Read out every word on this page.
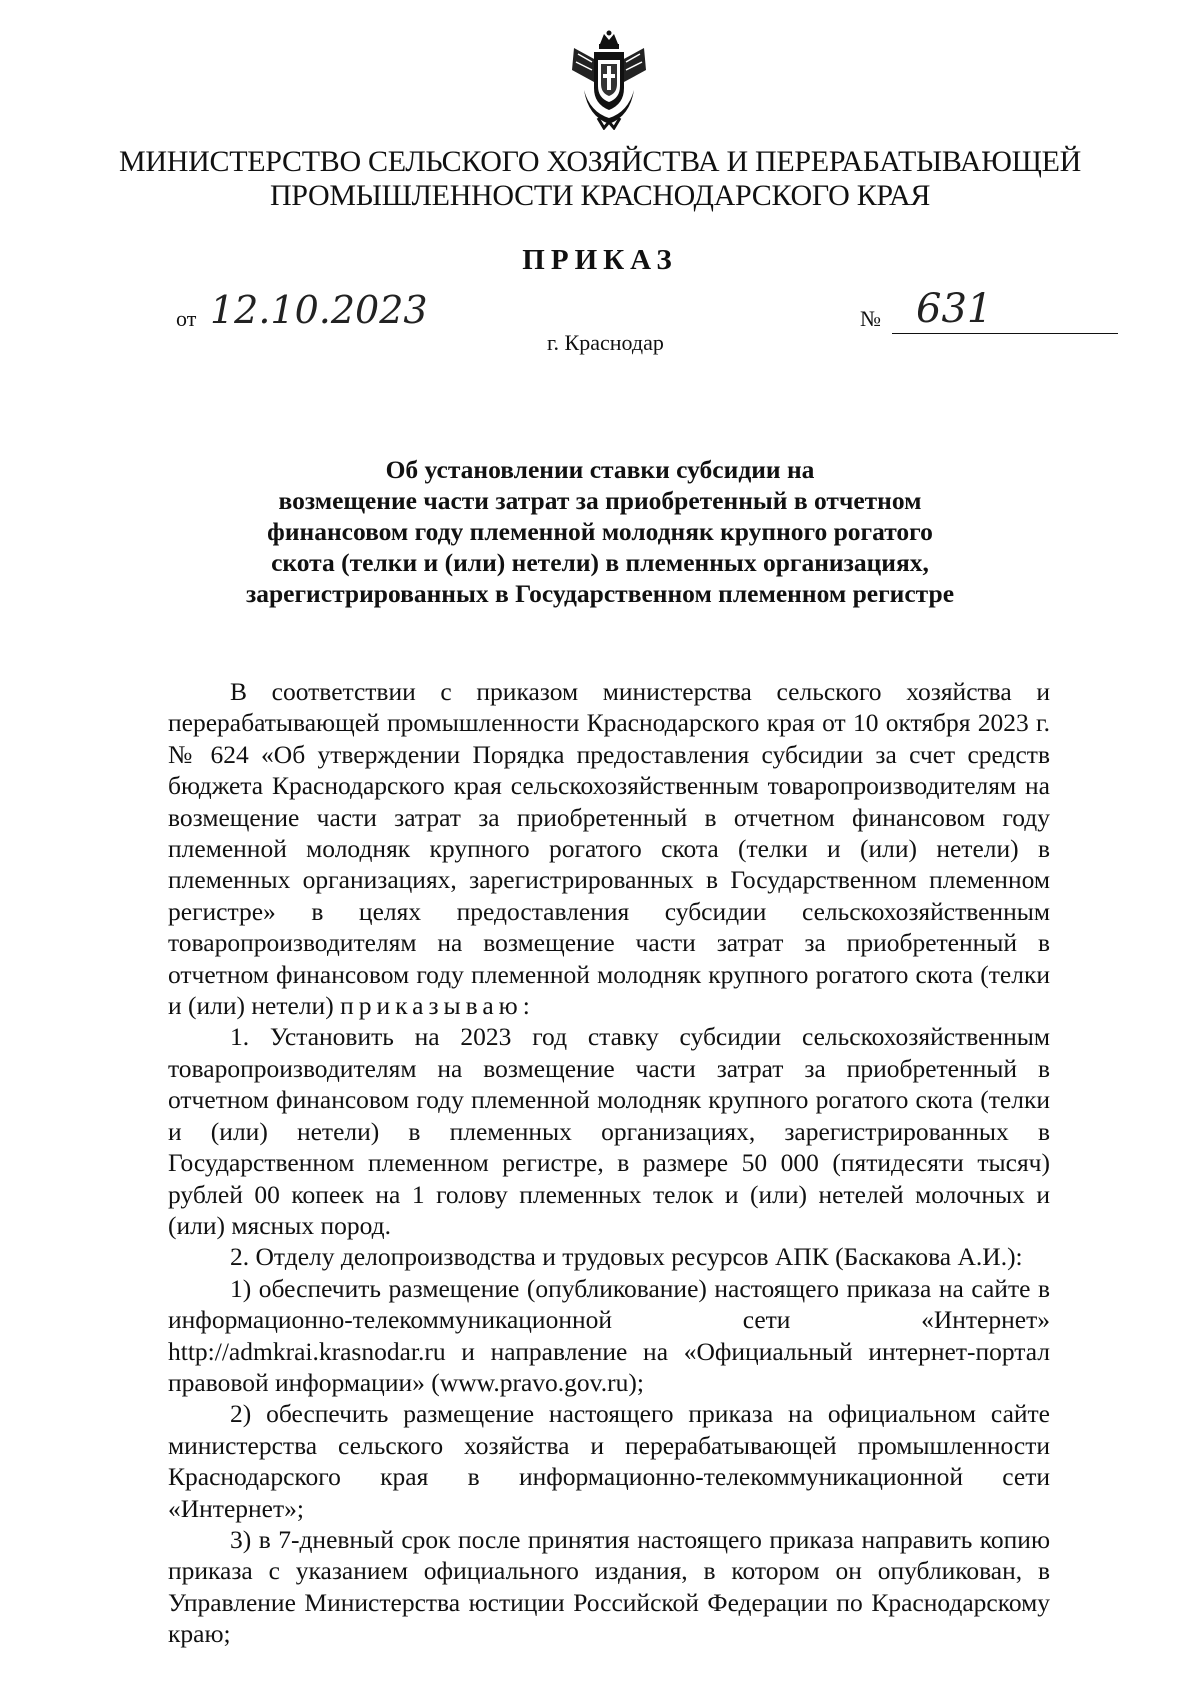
МИНИСТЕРСТВО СЕЛЬСКОГО ХОЗЯЙСТВА И ПЕРЕРАБАТЫВАЮЩЕЙ
ПРОМЫШЛЕННОСТИ КРАСНОДАРСКОГО КРАЯ
ПРИКАЗ
от 12.10.2023	№ 631
г. Краснодар
Об установлении ставки субсидии на
возмещение части затрат за приобретенный в отчетном
финансовом году племенной молодняк крупного рогатого
скота (телки и (или) нетели) в племенных организациях,
зарегистрированных в Государственном племенном регистре

В соответствии с приказом министерства сельского хозяйства и перерабатывающей промышленности Краснодарского края от 10 октября 2023 г. № 624 «Об утверждении Порядка предоставления субсидии за счет средств бюджета Краснодарского края сельскохозяйственным товаропроизводителям на возмещение части затрат за приобретенный в отчетном финансовом году племенной молодняк крупного рогатого скота (телки и (или) нетели) в племенных организациях, зарегистрированных в Государственном племенном регистре» в целях предоставления субсидии сельскохозяйственным товаропроизводителям на возмещение части затрат за приобретенный в отчетном финансовом году племенной молодняк крупного рогатого скота (телки и (или) нетели) приказываю:

1. Установить на 2023 год ставку субсидии сельскохозяйственным товаропроизводителям на возмещение части затрат за приобретенный в отчетном финансовом году племенной молодняк крупного рогатого скота (телки и (или) нетели) в племенных организациях, зарегистрированных в Государственном племенном регистре, в размере 50 000 (пятидесяти тысяч) рублей 00 копеек на 1 голову племенных телок и (или) нетелей молочных и (или) мясных пород.

2. Отделу делопроизводства и трудовых ресурсов АПК (Баскакова А.И.):

1) обеспечить размещение (опубликование) настоящего приказа на сайте в информационно-телекоммуникационной сети «Интернет» http://admkrai.krasnodar.ru и направление на «Официальный интернет-портал правовой информации» (www.pravo.gov.ru);

2) обеспечить размещение настоящего приказа на официальном сайте министерства сельского хозяйства и перерабатывающей промышленности Краснодарского края в информационно-телекоммуникационной сети «Интернет»;

3) в 7-дневный срок после принятия настоящего приказа направить копию приказа с указанием официального издания, в котором он опубликован, в Управление Министерства юстиции Российской Федерации по Краснодарскому краю;
